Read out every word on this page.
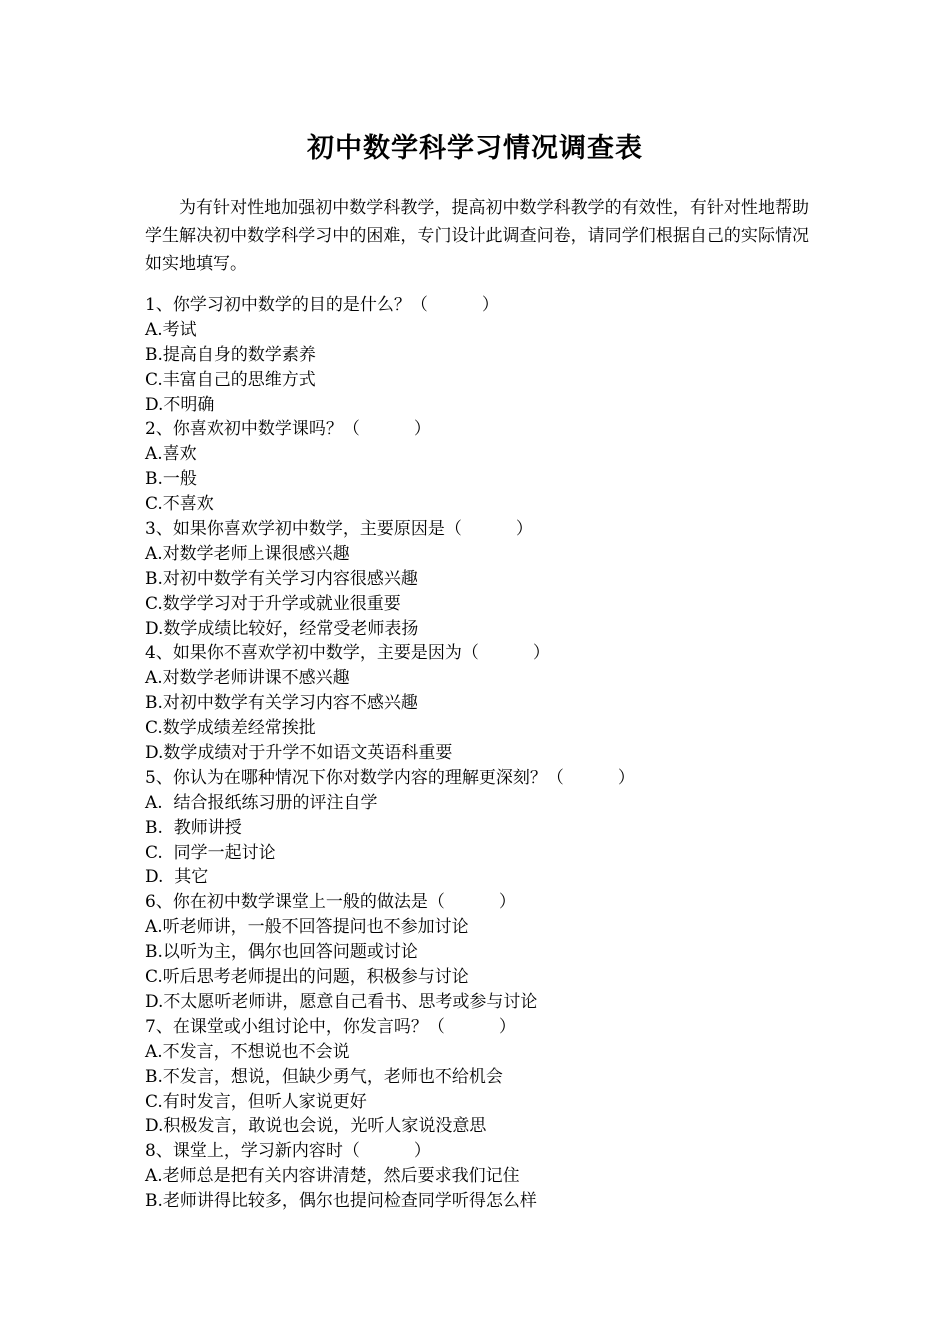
初中数学科学习情况调查表
为有针对性地加强初中数学科教学，提高初中数学科教学的有效性，有针对性地帮助学生解决初中数学科学习中的困难，专门设计此调查问卷，请同学们根据自己的实际情况如实地填写。
1、你学习初中数学的目的是什么？（          ）
A.考试
B.提高自身的数学素养
C.丰富自己的思维方式
D.不明确
2、你喜欢初中数学课吗？（          ）
A.喜欢
B.一般
C.不喜欢
3、如果你喜欢学初中数学，主要原因是（          ）
A.对数学老师上课很感兴趣
B.对初中数学有关学习内容很感兴趣
C.数学学习对于升学或就业很重要
D.数学成绩比较好，经常受老师表扬
4、如果你不喜欢学初中数学，主要是因为（          ）
A.对数学老师讲课不感兴趣
B.对初中数学有关学习内容不感兴趣
C.数学成绩差经常挨批
D.数学成绩对于升学不如语文英语科重要
5、你认为在哪种情况下你对数学内容的理解更深刻？（          ）
A.  结合报纸练习册的评注自学
B.  教师讲授
C.  同学一起讨论
D.  其它
6、你在初中数学课堂上一般的做法是（          ）
A.听老师讲，一般不回答提问也不参加讨论
B.以听为主，偶尔也回答问题或讨论
C.听后思考老师提出的问题，积极参与讨论
D.不太愿听老师讲，愿意自己看书、思考或参与讨论
7、在课堂或小组讨论中，你发言吗？（          ）
A.不发言，不想说也不会说
B.不发言，想说，但缺少勇气，老师也不给机会
C.有时发言，但听人家说更好
D.积极发言，敢说也会说，光听人家说没意思
8、课堂上，学习新内容时（          ）
A.老师总是把有关内容讲清楚，然后要求我们记住
B.老师讲得比较多，偶尔也提问检查同学听得怎么样
